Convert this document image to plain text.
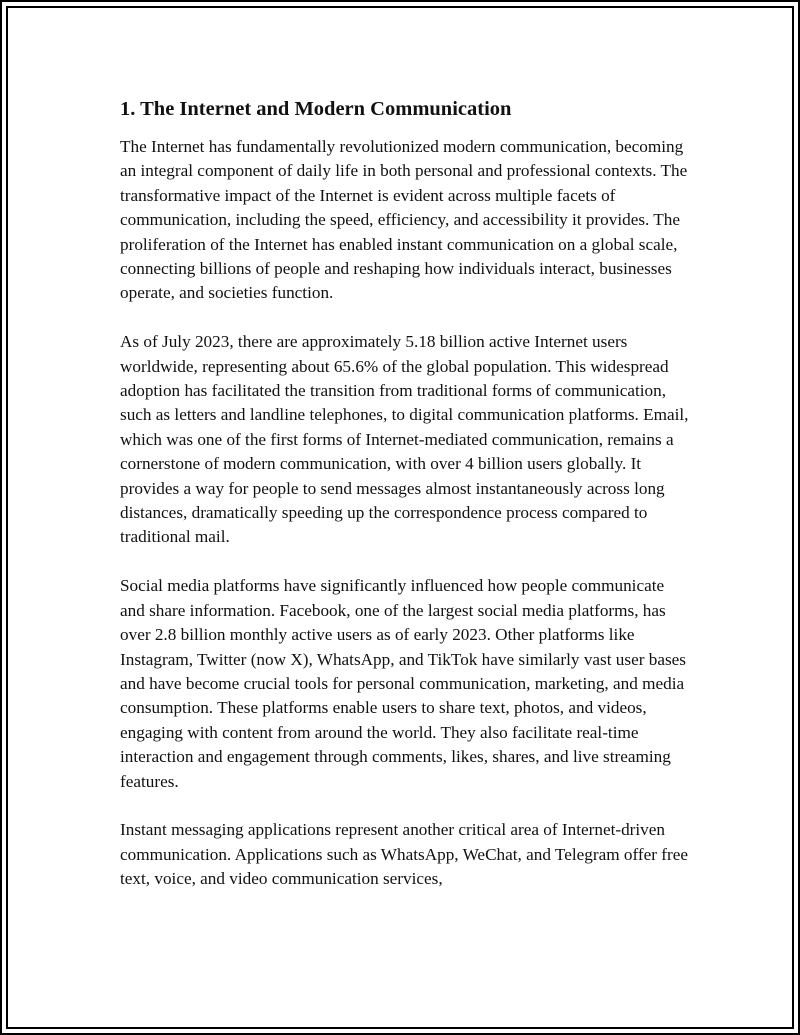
1. The Internet and Modern Communication

The Internet has fundamentally revolutionized modern communication, becoming an integral component of daily life in both personal and professional contexts. The transformative impact of the Internet is evident across multiple facets of communication, including the speed, efficiency, and accessibility it provides. The proliferation of the Internet has enabled instant communication on a global scale, connecting billions of people and reshaping how individuals interact, businesses operate, and societies function.

As of July 2023, there are approximately 5.18 billion active Internet users worldwide, representing about 65.6% of the global population. This widespread adoption has facilitated the transition from traditional forms of communication, such as letters and landline telephones, to digital communication platforms. Email, which was one of the first forms of Internet-mediated communication, remains a cornerstone of modern communication, with over 4 billion users globally. It provides a way for people to send messages almost instantaneously across long distances, dramatically speeding up the correspondence process compared to traditional mail.

Social media platforms have significantly influenced how people communicate and share information. Facebook, one of the largest social media platforms, has over 2.8 billion monthly active users as of early 2023. Other platforms like Instagram, Twitter (now X), WhatsApp, and TikTok have similarly vast user bases and have become crucial tools for personal communication, marketing, and media consumption. These platforms enable users to share text, photos, and videos, engaging with content from around the world. They also facilitate real-time interaction and engagement through comments, likes, shares, and live streaming features.

Instant messaging applications represent another critical area of Internet-driven communication. Applications such as WhatsApp, WeChat, and Telegram offer free text, voice, and video communication services,
